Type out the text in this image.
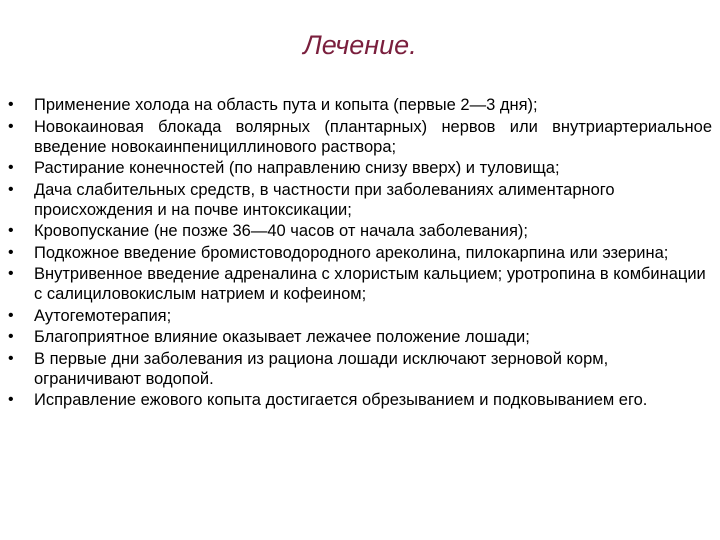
Лечение.
• Применение холода на область пута и копыта (первые 2—3 дня);
• Новокаиновая блокада волярных (плантарных) нервов или внутриартериальное введение новокаинпенициллинового раствора;
• Растирание конечностей (по направлению снизу вверх) и туловища;
• Дача слабительных средств, в частности при заболеваниях алиментарного происхождения и на почве интоксикации;
• Кровопускание (не позже 36—40 часов от начала заболевания);
• Подкожное введение бромистоводородного ареколина, пилокарпина или эзерина;
• Внутривенное введение адреналина с хлористым кальцием; уротропина в комбинации с салициловокислым натрием и кофеином;
• Аутогемотерапия;
• Благоприятное влияние оказывает лежачее положение лошади;
• В первые дни заболевания из рациона лошади исключают зерновой корм, ограничивают водопой.
• Исправление ежового копыта достигается обрезыванием и подковыванием его.
